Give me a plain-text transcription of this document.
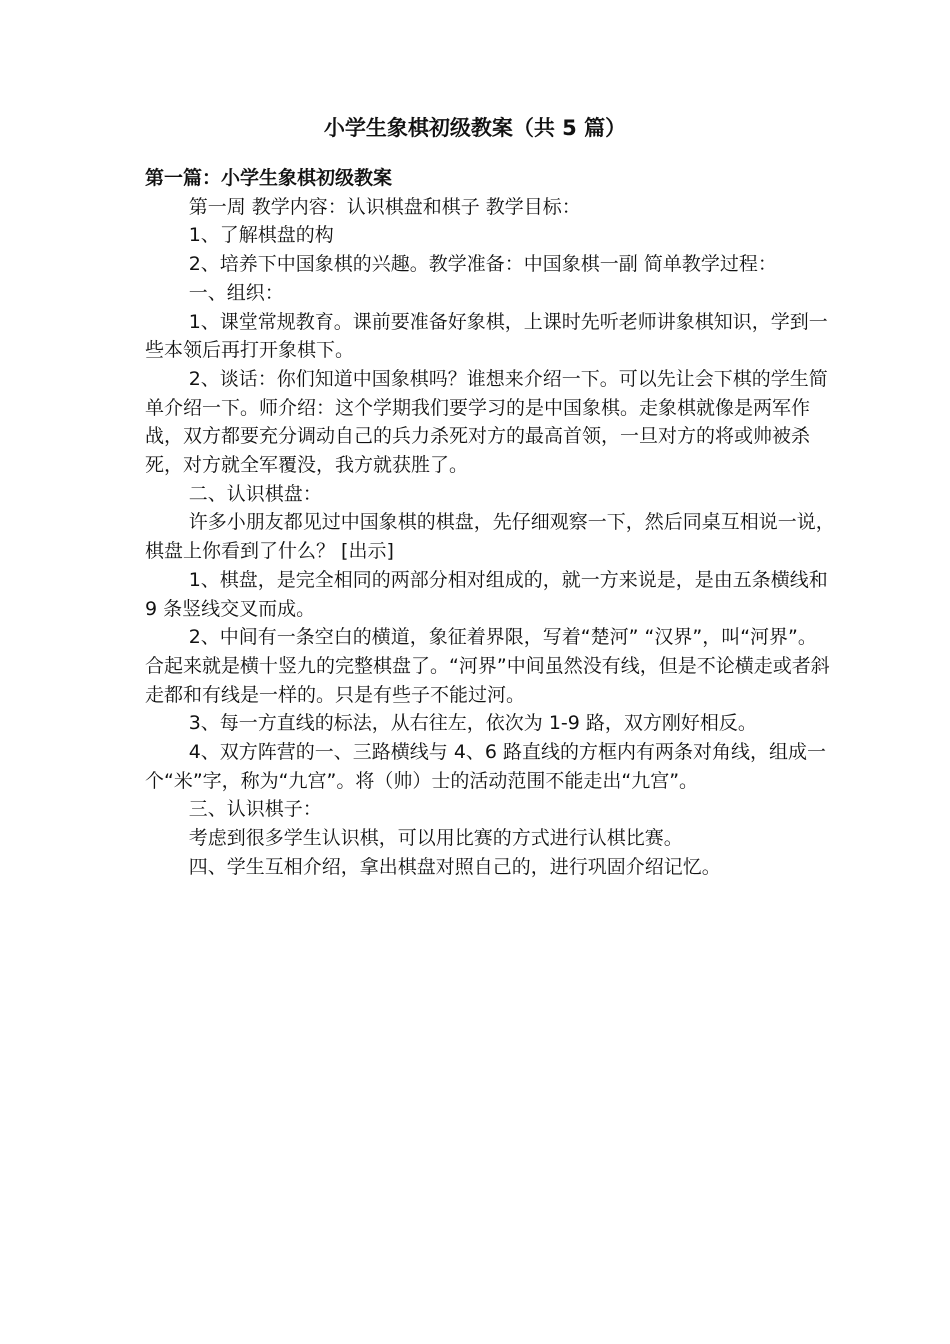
小学生象棋初级教案（共 5 篇）

第一篇：小学生象棋初级教案

第一周 教学内容：认识棋盘和棋子 教学目标：

1、了解棋盘的构

2、培养下中国象棋的兴趣。教学准备：中国象棋一副 简单教学过程：

一、组织：

1、课堂常规教育。课前要准备好象棋，上课时先听老师讲象棋知识，学到一些本领后再打开象棋下。

2、谈话：你们知道中国象棋吗？谁想来介绍一下。可以先让会下棋的学生简单介绍一下。师介绍：这个学期我们要学习的是中国象棋。走象棋就像是两军作战，双方都要充分调动自己的兵力杀死对方的最高首领，一旦对方的将或帅被杀死，对方就全军覆没，我方就获胜了。

二、认识棋盘：

许多小朋友都见过中国象棋的棋盘，先仔细观察一下，然后同桌互相说一说，棋盘上你看到了什么？ [出示]

1、棋盘，是完全相同的两部分相对组成的，就一方来说是，是由五条横线和 9 条竖线交叉而成。

2、中间有一条空白的横道，象征着界限，写着“楚河” “汉界”，叫“河界”。合起来就是横十竖九的完整棋盘了。“河界”中间虽然没有线，但是不论横走或者斜走都和有线是一样的。只是有些子不能过河。

3、每一方直线的标法，从右往左，依次为 1-9 路，双方刚好相反。

4、双方阵营的一、三路横线与 4、6 路直线的方框内有两条对角线，组成一个“米”字，称为“九宫”。将（帅）士的活动范围不能走出“九宫”。

三、认识棋子：

考虑到很多学生认识棋，可以用比赛的方式进行认棋比赛。

四、学生互相介绍，拿出棋盘对照自己的，进行巩固介绍记忆。
